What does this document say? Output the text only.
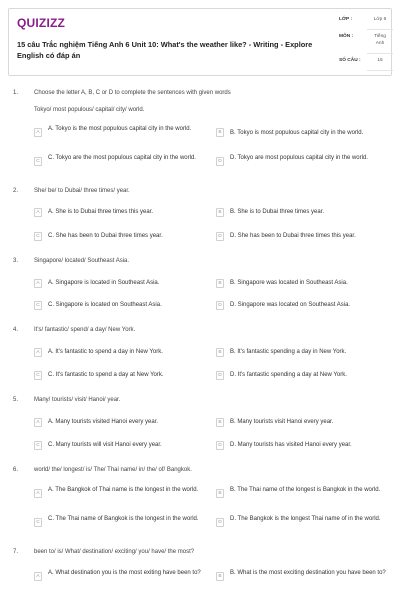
QUIZIZZ
15 câu Trắc nghiệm Tiếng Anh 6 Unit 10: What's the weather like? - Writing - Explore English có đáp án
LỚP :	Lớp 6
MÔN :	Tiếng Anh
SỐ CÂU :	15
1.	Choose the letter A, B, C or D to complete the sentences with given words
Tokyo/ most populous/ capital/ city/ world.
A
A. Tokyo is the most populous capital city in the world.
B	B. Tokyo is most populous capital city in the world.
C
C. Tokyo are the most populous capital city in the world.
D
D. Tokyo are most populous capital city in the world.
2.	She/ be/ to Dubai/ three times/ year.
A	A. She is to Dubai three times this year.	B	B. She is to Dubai three times year.
C	C. She has been to Dubai three times year.	D	D. She has been to Dubai three times this year.
3.	Singapore/ located/ Southeast Asia.
A	A. Singapore is located in Southeast Asia.	B	B. Singapore was located in Southeast Asia.
C	C. Singapore is located on Southeast Asia.	D	D. Singapore was located on Southeast Asia.
4.	It's/ fantastic/ spend/ a day/ New York.
A	A. It's fantastic to spend a day in New York.	B	B. It's fantastic spending a day in New York.
C	C. It's fantastic to spend a day at New York.	D	D. It's fantastic spending a day at New York.
5.	Many/ tourists/ visit/ Hanoi/ year.
A	A. Many tourists visited Hanoi every year.	B	B. Many tourists visit Hanoi every year.
C	C. Many tourists will visit Hanoi every year.	D	D. Many tourists has visited Hanoi every year.
6.	world/ the/ longest/ is/ The/ Thai name/ in/ the/ of/ Bangkok.
A
A. The Bangkok of Thai name is the longest in the world.
B
B. The Thai name of the longest is Bangkok in the world.
C
C. The Thai name of Bangkok is the longest in the world.
D
D. The Bangkok is the longest Thai name of in the world.
7.	been to/ is/ What/ destination/ exciting/ you/ have/ the most?
A
A. What destination you is the most exiting have been to?
B
B. What is the most exciting destination you have been to?
